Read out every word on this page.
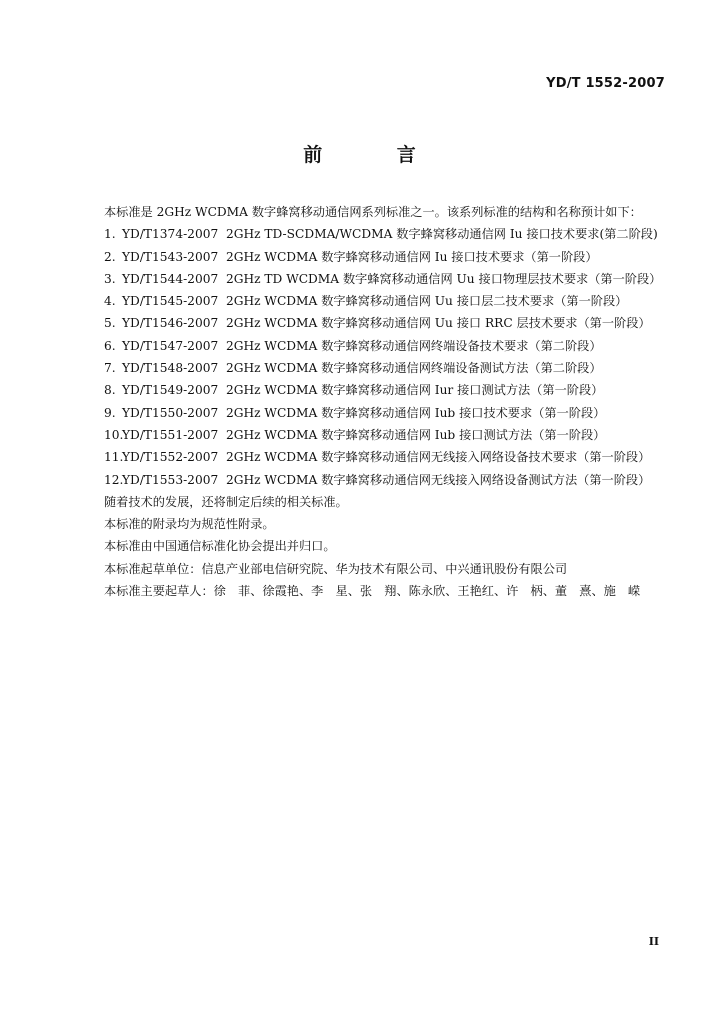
YD/T 1552-2007
前 言
本标准是 2GHz WCDMA 数字蜂窝移动通信网系列标准之一。该系列标准的结构和名称预计如下：
1. YD/T1374-2007 2GHz TD-SCDMA/WCDMA 数字蜂窝移动通信网 Iu 接口技术要求(第二阶段)
2. YD/T1543-2007 2GHz WCDMA 数字蜂窝移动通信网 Iu 接口技术要求（第一阶段）
3. YD/T1544-2007 2GHz TD WCDMA 数字蜂窝移动通信网 Uu 接口物理层技术要求（第一阶段）
4. YD/T1545-2007 2GHz WCDMA 数字蜂窝移动通信网 Uu 接口层二技术要求（第一阶段）
5. YD/T1546-2007 2GHz WCDMA 数字蜂窝移动通信网 Uu 接口 RRC 层技术要求（第一阶段）
6. YD/T1547-2007 2GHz WCDMA 数字蜂窝移动通信网终端设备技术要求（第二阶段）
7. YD/T1548-2007 2GHz WCDMA 数字蜂窝移动通信网终端设备测试方法（第二阶段）
8. YD/T1549-2007 2GHz WCDMA 数字蜂窝移动通信网 Iur 接口测试方法（第一阶段）
9. YD/T1550-2007 2GHz WCDMA 数字蜂窝移动通信网 Iub 接口技术要求（第一阶段）
10.
YD/T1551-2007 2GHz WCDMA 数字蜂窝移动通信网 Iub 接口测试方法（第一阶段）
11.
YD/T1552-2007 2GHz WCDMA 数字蜂窝移动通信网无线接入网络设备技术要求（第一阶段）
12.
YD/T1553-2007 2GHz WCDMA 数字蜂窝移动通信网无线接入网络设备测试方法（第一阶段）
随着技术的发展，还将制定后续的相关标准。
本标准的附录均为规范性附录。
本标准由中国通信标准化协会提出并归口。
本标准起草单位：信息产业部电信研究院、华为技术有限公司、中兴通讯股份有限公司
本标准主要起草人：徐　菲、徐霞艳、李　星、张　翔、陈永欣、王艳红、许　柄、董　熹、施　嵘
II
